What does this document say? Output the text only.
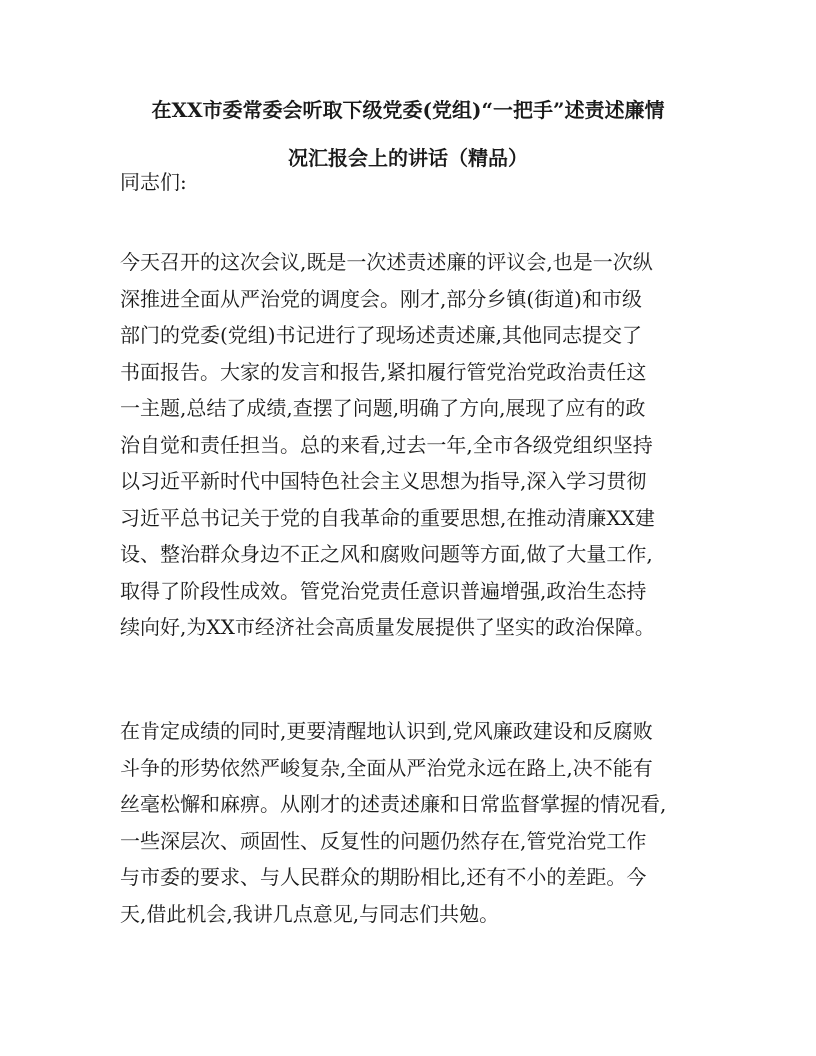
在XX市委常委会听取下级党委(党组)“一把手”述责述廉情
况汇报会上的讲话（精品）

同志们:

今天召开的这次会议,既是一次述责述廉的评议会,也是一次纵
深推进全面从严治党的调度会。刚才,部分乡镇(街道)和市级
部门的党委(党组)书记进行了现场述责述廉,其他同志提交了
书面报告。大家的发言和报告,紧扣履行管党治党政治责任这
一主题,总结了成绩,查摆了问题,明确了方向,展现了应有的政
治自觉和责任担当。总的来看,过去一年,全市各级党组织坚持
以习近平新时代中国特色社会主义思想为指导,深入学习贯彻
习近平总书记关于党的自我革命的重要思想,在推动清廉XX建
设、整治群众身边不正之风和腐败问题等方面,做了大量工作,
取得了阶段性成效。管党治党责任意识普遍增强,政治生态持
续向好,为XX市经济社会高质量发展提供了坚实的政治保障。

在肯定成绩的同时,更要清醒地认识到,党风廉政建设和反腐败
斗争的形势依然严峻复杂,全面从严治党永远在路上,决不能有
丝毫松懈和麻痹。从刚才的述责述廉和日常监督掌握的情况看,
一些深层次、顽固性、反复性的问题仍然存在,管党治党工作
与市委的要求、与人民群众的期盼相比,还有不小的差距。今
天,借此机会,我讲几点意见,与同志们共勉。
